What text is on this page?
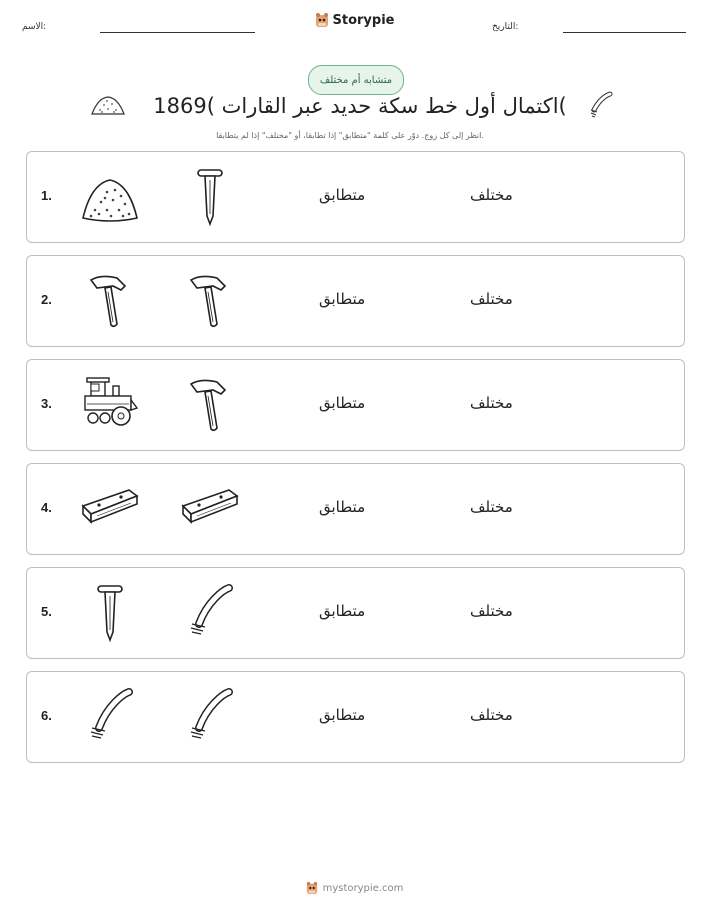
الاسم:	Storypie	التاريخ:
متشابه أم مختلف
اكتمال أول خط سكة حديد عبر القارات )1869(
انظر إلى كل زوج. دوّر على كلمة "متطابق" إذا تطابقا، أو "مختلف" إذا لم يتطابقا.
1.	متطابق	مختلف
2.	متطابق	مختلف
3.	متطابق	مختلف
4.	متطابق	مختلف
5.	متطابق	مختلف
6.	متطابق	مختلف
mystorypie.com
